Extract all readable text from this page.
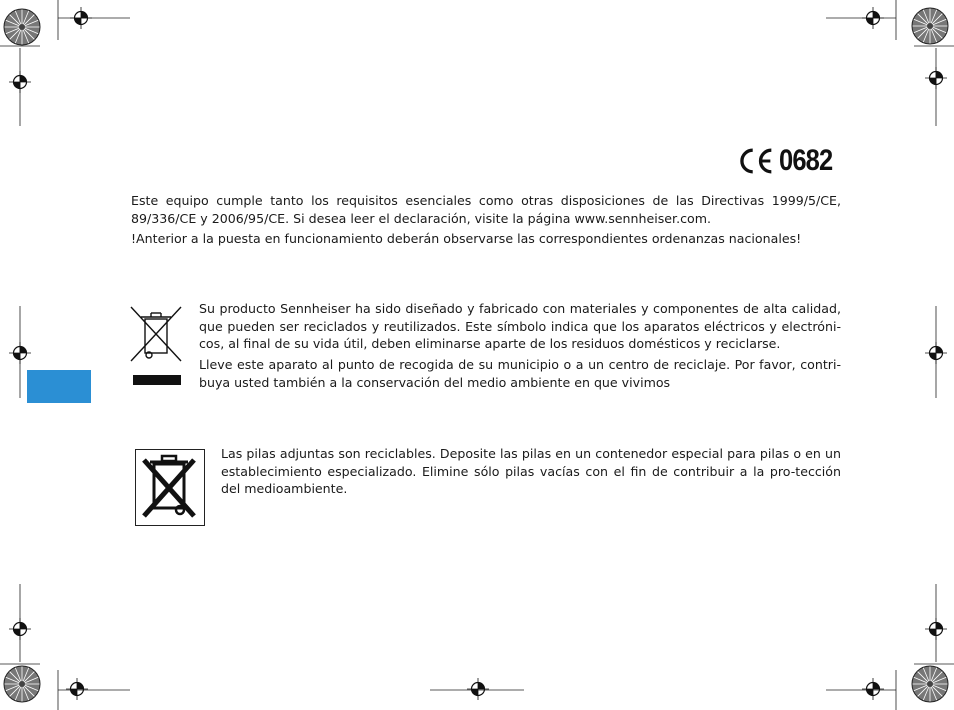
0682

Este equipo cumple tanto los requisitos esenciales como otras disposiciones de las Directivas 1999/5/CE, 89/336/CE y 2006/95/CE. Si desea leer el declaración, visite la página www.sennheiser.com.

!Anterior a la puesta en funcionamiento deberán observarse las correspondientes ordenanzas nacionales!

Su producto Sennheiser ha sido diseñado y fabricado con materiales y componentes de alta calidad, que pueden ser reciclados y reutilizados. Este símbolo indica que los aparatos eléctricos y electróni-cos, al final de su vida útil, deben eliminarse aparte de los residuos domésticos y reciclarse.

Lleve este aparato al punto de recogida de su municipio o a un centro de reciclaje. Por favor, contri-buya usted también a la conservación del medio ambiente en que vivimos

Las pilas adjuntas son reciclables. Deposite las pilas en un contenedor especial para pilas o en un establecimiento especializado. Elimine sólo pilas vacías con el fin de contribuir a la pro-tección del medioambiente.
